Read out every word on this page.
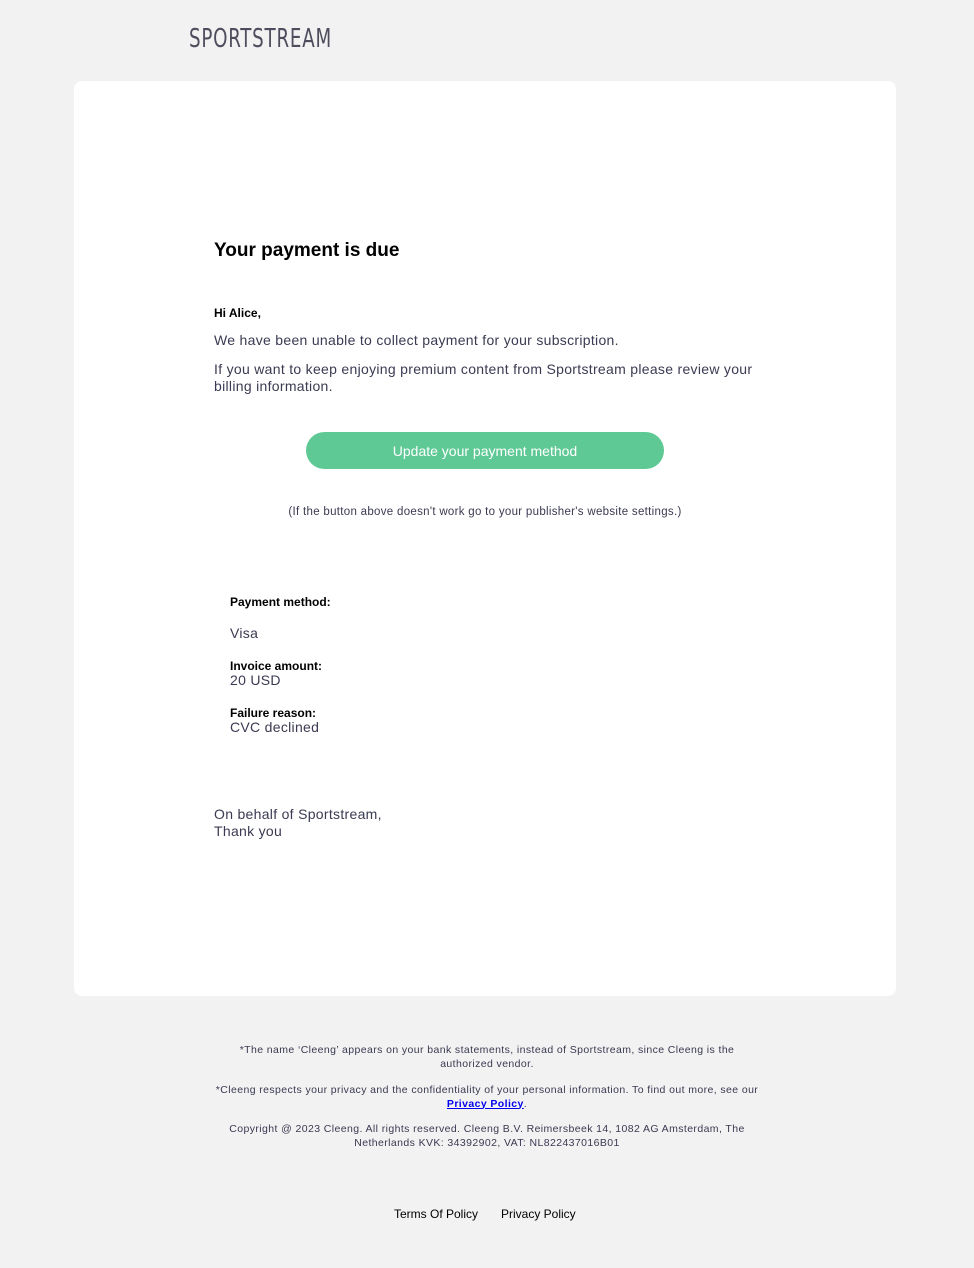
SPORTSTREAM
Your payment is due
Hi Alice,
We have been unable to collect payment for your subscription.
If you want to keep enjoying premium content from Sportstream please review your billing information.
Update your payment method
(If the button above doesn't work go to your publisher's website settings.)
Payment method:
Visa
Invoice amount:
20 USD
Failure reason:
CVC declined
On behalf of Sportstream,
Thank you
*The name ‘Cleeng’ appears on your bank statements, instead of Sportstream, since Cleeng is the authorized vendor.
*Cleeng respects your privacy and the confidentiality of your personal information. To find out more, see our Privacy Policy.
Copyright @ 2023 Cleeng. All rights reserved. Cleeng B.V. Reimersbeek 14, 1082 AG Amsterdam, The Netherlands KVK: 34392902, VAT: NL822437016B01
Terms Of Policy Privacy Policy
